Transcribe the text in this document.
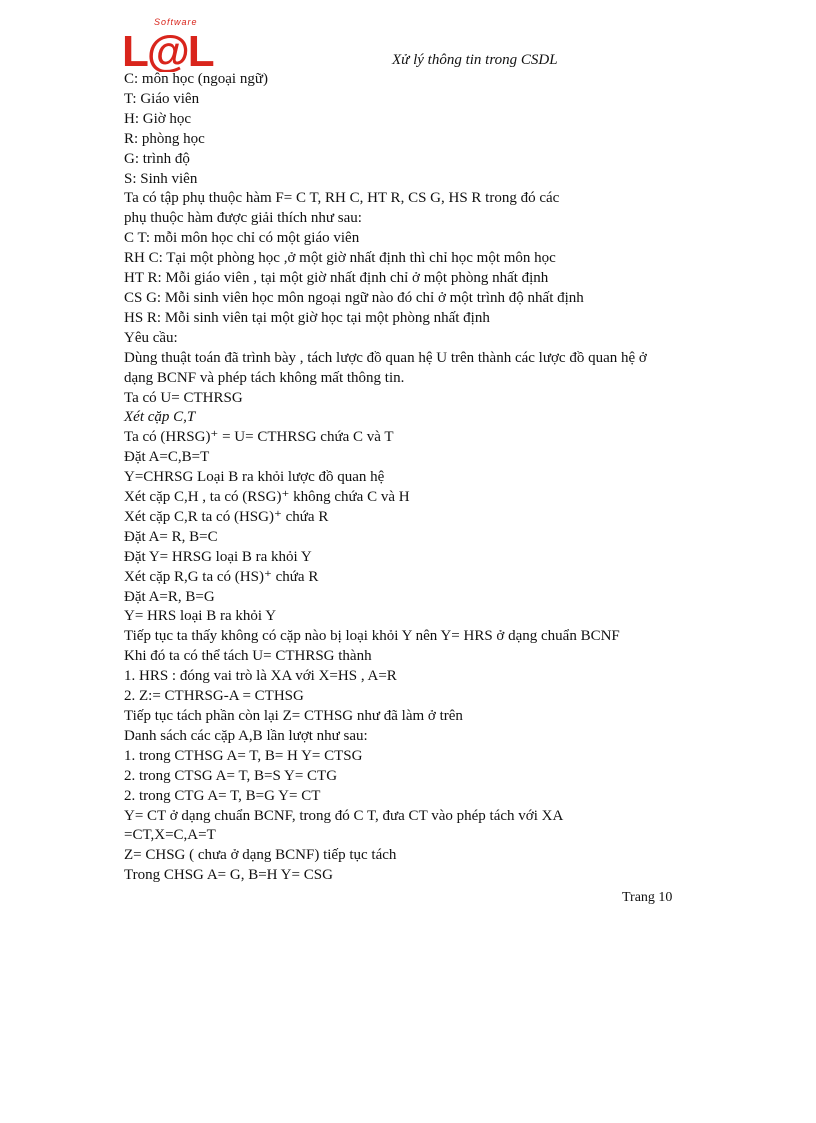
Software
L@L	Xử lý thông tin trong CSDL
C: môn học (ngoại ngữ)
T: Giáo viên
H: Giờ học
R: phòng học
G: trình độ
S: Sinh viên
Ta có tập phụ thuộc hàm F= C T, RH C, HT R, CS G, HS R trong đó các
phụ thuộc hàm được giải thích như sau:
C T: mỗi môn học chỉ có một giáo viên
RH C: Tại một phòng học ,ở một giờ nhất định thì chỉ học một môn học
HT R: Mỗi giáo viên , tại một giờ nhất định chỉ ở một phòng nhất định
CS G: Mỗi sinh viên học môn ngoại ngữ nào đó chỉ ở một trình độ nhất định
HS R: Mỗi sinh viên tại một giờ học tại một phòng nhất định
Yêu cầu:
Dùng thuật toán đã trình bày , tách lược đồ quan hệ U trên thành các lược đồ quan hệ ở
dạng BCNF và phép tách không mất thông tin.
Ta có U= CTHRSG
Xét cặp C,T
Ta có (HRSG)⁺ = U= CTHRSG chứa C và T
Đặt A=C,B=T
Y=CHRSG Loại B ra khỏi lược đồ quan hệ
Xét cặp C,H , ta có (RSG)⁺ không chứa C và H
Xét cặp C,R ta có (HSG)⁺ chứa R
Đặt A= R, B=C
Đặt Y= HRSG loại B ra khỏi Y
Xét cặp R,G ta có (HS)⁺ chứa R
Đặt A=R, B=G
Y= HRS loại B ra khỏi Y
Tiếp tục ta thấy không có cặp nào bị loại khỏi Y nên Y= HRS ở dạng chuẩn BCNF
Khi đó ta có thể tách U= CTHRSG thành
1. HRS : đóng vai trò là XA với X=HS , A=R
2. Z:= CTHRSG-A = CTHSG
Tiếp tục tách phần còn lại Z= CTHSG như đã làm ở trên
Danh sách các cặp A,B lần lượt như sau:
1. trong CTHSG A= T, B= H Y= CTSG
2. trong CTSG A= T, B=S Y= CTG
2. trong CTG A= T, B=G Y= CT
Y= CT ở dạng chuẩn BCNF, trong đó C T, đưa CT vào phép tách với XA
=CT,X=C,A=T
Z= CHSG ( chưa ở dạng BCNF) tiếp tục tách
Trong CHSG A= G, B=H Y= CSG
Trang 10
